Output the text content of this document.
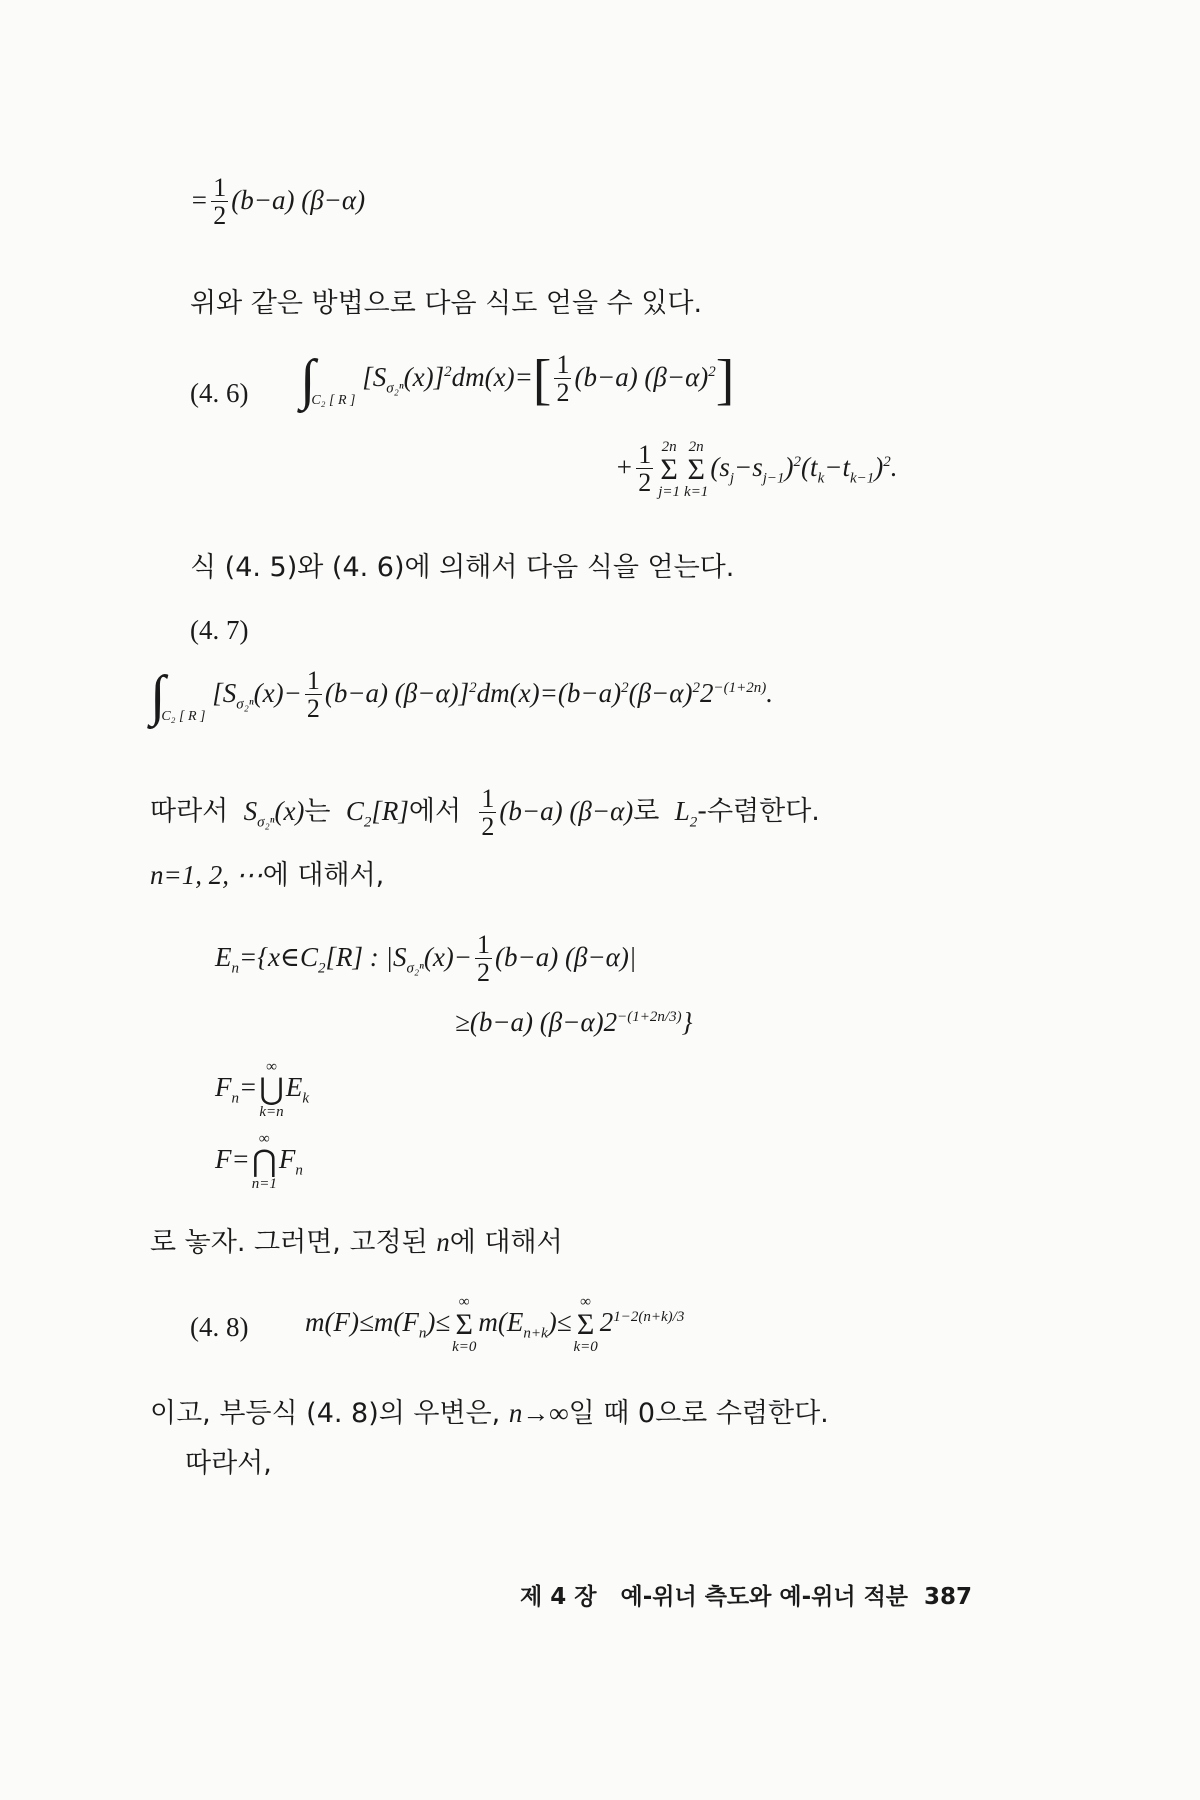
= $\frac{1}{2} (b-a)$ (β−α)
위와 같은 방법으로 다음 식도 얻을 수 있다.
(4. 6) $\int_{C_2 [ R ]}$ $[S_{\sigma_2^n}(x)]^2dm(x)=[ \frac{1}{2} (b-a)$ $(\beta-\alpha)^2$]
+ $\frac{1}{2} 2n$
Σ
j=1
2n
Σ
k=1
$(s_j-s_{j-1})^2(t_k-t_{k-1})^2$.
식 (4. 5)와 (4. 6)에 의해서 다음 식을 얻는다.
(4. 7)
$\int_{C_2 [ R ]}$ [$S_{\sigma_2^n}(x)- \frac{1}{2} (b-a)$ $(\beta-\alpha)]^2dm(x)=(b-a)^2(\beta-\alpha)^22^{-(1+2n)}$.
따라서 $S_{\sigma_2^n}(x)$는 $C_2[R]$에서 $\frac{1}{2} (b-a)$ (β−α)로 $L_2-$수렴한다.
n=1, 2, ⋯에 대해서,
$E_n=\{x\in C_2[R]$ : $|S_{\sigma_2^n}(x)- \frac{1}{2} (b-a)$ (β−α)|
≥(b−a) $(\beta-\alpha)2^{-(1+2n/3)}$}
$F_n=$
∞
⋃
k=n
$E_k$
F=
∞
⋂
n=1
$F_n$
로 놓자. 그러면, 고정된 n에 대해서
(4. 8) $m(F)\le m(F_n)\le$
∞
Σ
k=0
$m(E_{n+k})\le$
∞
Σ
k=0
$2^{1-2(n+k)/3}$
이고, 부등식 (4. 8)의 우변은, n→∞일 때 0으로 수렴한다.
따라서,
제 4 장 예-위너 측도와 예-위너 적분 387
